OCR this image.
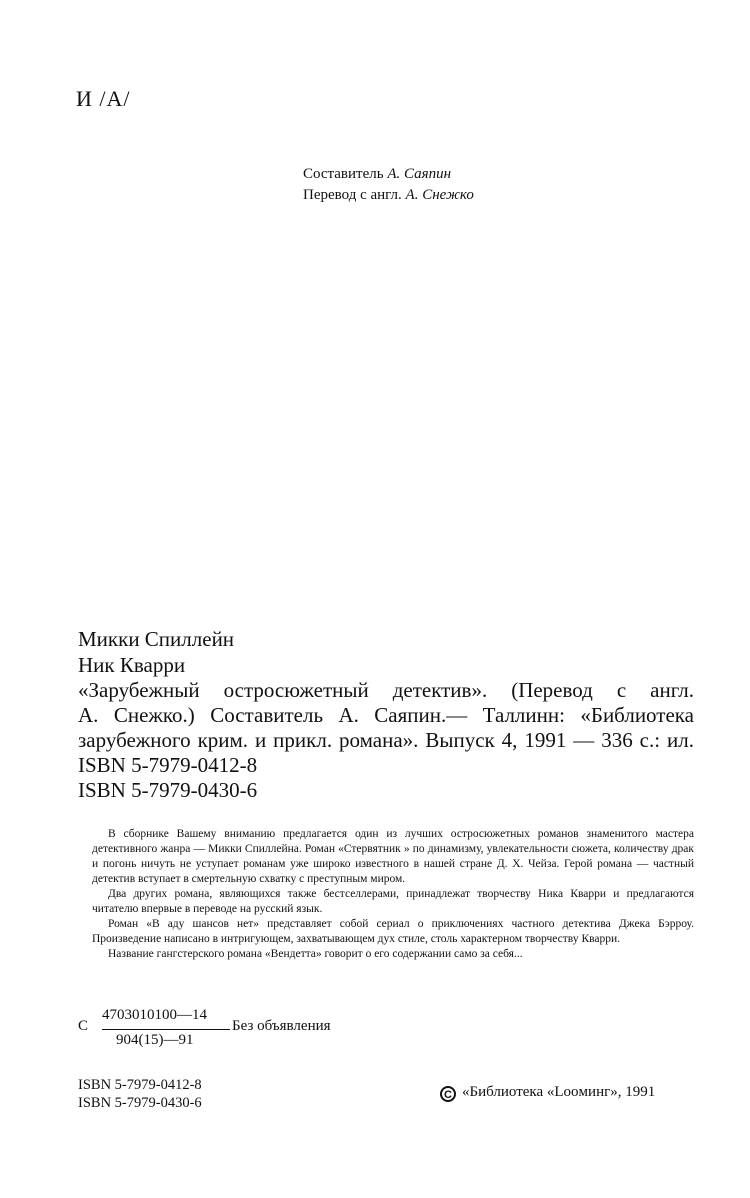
И /А/
Составитель А. Саяпин
Перевод с англ. А. Снежко
Микки Спиллейн
Ник Кварри
«Зарубежный остросюжетный детектив». (Перевод с англ.
А. Снежко.) Составитель А. Саяпин.— Таллинн: «Библиотека
зарубежного крим. и прикл. романа». Выпуск 4, 1991 — 336 с.: ил.
ISBN 5-7979-0412-8
ISBN 5-7979-0430-6

В сборнике Вашему вниманию предлагается один из лучших остросюжетных романов знаменитого мастера детективного жанра — Микки Спиллейна. Роман «Стервятник » по динамизму, увлекательности сюжета, количеству драк и погонь ничуть не уступает романам уже широко известного в нашей стране Д. Х. Чейза. Герой романа — частный детектив вступает в смертельную схватку с преступным миром.

Два других романа, являющихся также бестселлерами, принадлежат творчеству Ника Кварри и предлагаются читателю впервые в переводе на русский язык.

Роман «В аду шансов нет» представляет собой сериал о приключениях частного детектива Джека Бэрроу. Произведение написано в интригующем, захватывающем дух стиле, столь характерном творчеству Кварри.

Название гангстерского романа «Вендетта» говорит о его содержании само за себя...

С
4703010100—14
904(15)—91
Без объявления
ISBN 5-7979-0412-8
ISBN 5-7979-0430-6	C «Библиотека «Looминг», 1991
